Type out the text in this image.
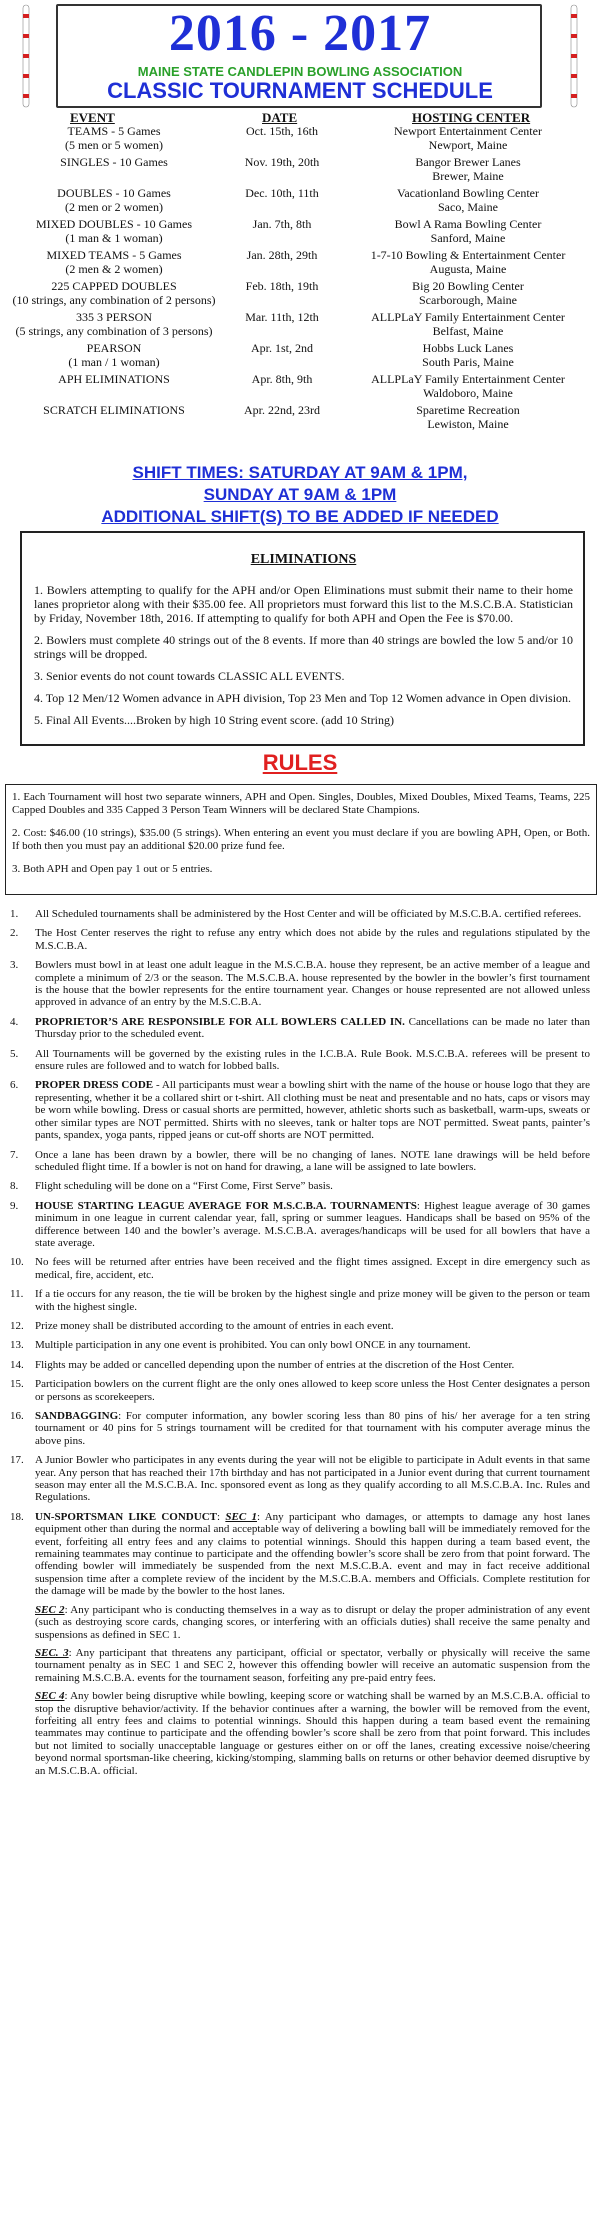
2016 - 2017
MAINE STATE CANDLEPIN BOWLING ASSOCIATION
CLASSIC TOURNAMENT SCHEDULE
EVENT	DATE	HOSTING CENTER
TEAMS - 5 Games
(5 men or 5 women)
Oct. 15th, 16th	Newport Entertainment Center
Newport, Maine
SINGLES - 10 Games	Nov. 19th, 20th	Bangor Brewer Lanes
Brewer, Maine
DOUBLES - 10 Games
(2 men or 2 women)
Dec. 10th, 11th	Vacationland Bowling Center
Saco, Maine
MIXED DOUBLES - 10 Games
(1 man & 1 woman)
Jan. 7th, 8th	Bowl A Rama Bowling Center
Sanford, Maine
MIXED TEAMS - 5 Games
(2 men & 2 women)
Jan. 28th, 29th	1-7-10 Bowling & Entertainment Center
Augusta, Maine
225 CAPPED DOUBLES
(10 strings, any combination of 2 persons)
Feb. 18th, 19th	Big 20 Bowling Center
Scarborough, Maine
335 3 PERSON
(5 strings, any combination of 3 persons)
Mar. 11th, 12th	ALLPLaY Family Entertainment Center
Belfast, Maine
PEARSON
(1 man / 1 woman)
Apr. 1st, 2nd	Hobbs Luck Lanes
South Paris, Maine
APH ELIMINATIONS	Apr. 8th, 9th	ALLPLaY Family Entertainment Center
Waldoboro, Maine
SCRATCH ELIMINATIONS	Apr. 22nd, 23rd	Sparetime Recreation
Lewiston, Maine
SHIFT TIMES: SATURDAY AT 9AM & 1PM,
SUNDAY AT 9AM & 1PM
ADDITIONAL SHIFT(S) TO BE ADDED IF NEEDED
ELIMINATIONS

1. Bowlers attempting to qualify for the APH and/or Open Eliminations must submit their name to their home lanes proprietor along with their $35.00 fee. All proprietors must forward this list to the M.S.C.B.A. Statistician by Friday, November 18th, 2016. If attempting to qualify for both APH and Open the Fee is $70.00.

2. Bowlers must complete 40 strings out of the 8 events. If more than 40 strings are bowled the low 5 and/or 10 strings will be dropped.

3. Senior events do not count towards CLASSIC ALL EVENTS.

4. Top 12 Men/12 Women advance in APH division, Top 23 Men and Top 12 Women advance in Open division.

5. Final All Events....Broken by high 10 String event score. (add 10 String)

RULES

1. Each Tournament will host two separate winners, APH and Open. Singles, Doubles, Mixed Doubles, Mixed Teams, Teams, 225 Capped Doubles and 335 Capped 3 Person Team Winners will be declared State Champions.

2. Cost: $46.00 (10 strings), $35.00 (5 strings). When entering an event you must declare if you are bowling APH, Open, or Both. If both then you must pay an additional $20.00 prize fund fee.

3. Both APH and Open pay 1 out or 5 entries.

1. All Scheduled tournaments shall be administered by the Host Center and will be officiated by M.S.C.B.A. certified referees.
2. The Host Center reserves the right to refuse any entry which does not abide by the rules and regulations stipulated by the M.S.C.B.A.
3. Bowlers must bowl in at least one adult league in the M.S.C.B.A. house they represent, be an active member of a league and complete a minimum of 2/3 or the season. The M.S.C.B.A. house represented by the bowler in the bowler’s first tournament is the house that the bowler represents for the entire tournament year. Changes or house represented are not allowed unless approved in advance of an entry by the M.S.C.B.A.
4. PROPRIETOR’S ARE RESPONSIBLE FOR ALL BOWLERS CALLED IN. Cancellations can be made no later than Thursday prior to the scheduled event.
5. All Tournaments will be governed by the existing rules in the I.C.B.A. Rule Book. M.S.C.B.A. referees will be present to ensure rules are followed and to watch for lobbed balls.
6. PROPER DRESS CODE - All participants must wear a bowling shirt with the name of the house or house logo that they are representing, whether it be a collared shirt or t-shirt. All clothing must be neat and presentable and no hats, caps or visors may be worn while bowling. Dress or casual shorts are permitted, however, athletic shorts such as basketball, warm-ups, sweats or other similar types are NOT permitted. Shirts with no sleeves, tank or halter tops are NOT permitted. Sweat pants, painter’s pants, spandex, yoga pants, ripped jeans or cut-off shorts are NOT permitted.
7. Once a lane has been drawn by a bowler, there will be no changing of lanes. NOTE lane drawings will be held before scheduled flight time. If a bowler is not on hand for drawing, a lane will be assigned to late bowlers.
8. Flight scheduling will be done on a “First Come, First Serve” basis.
9. HOUSE STARTING LEAGUE AVERAGE FOR M.S.C.B.A. TOURNAMENTS: Highest league average of 30 games minimum in one league in current calendar year, fall, spring or summer leagues. Handicaps shall be based on 95% of the difference between 140 and the bowler’s average. M.S.C.B.A. averages/handicaps will be used for all bowlers that have a state average.
10. No fees will be returned after entries have been received and the flight times assigned. Except in dire emergency such as medical, fire, accident, etc.
11. If a tie occurs for any reason, the tie will be broken by the highest single and prize money will be given to the person or team with the highest single.
12. Prize money shall be distributed according to the amount of entries in each event.
13. Multiple participation in any one event is prohibited. You can only bowl ONCE in any tournament.
14. Flights may be added or cancelled depending upon the number of entries at the discretion of the Host Center.
15. Participation bowlers on the current flight are the only ones allowed to keep score unless the Host Center designates a person or persons as scorekeepers.
16. SANDBAGGING: For computer information, any bowler scoring less than 80 pins of his/ her average for a ten string tournament or 40 pins for 5 strings tournament will be credited for that tournament with his computer average minus the above pins.
17. A Junior Bowler who participates in any events during the year will not be eligible to participate in Adult events in that same year. Any person that has reached their 17th birthday and has not participated in a Junior event during that current tournament season may enter all the M.S.C.B.A. Inc. sponsored event as long as they qualify according to all M.S.C.B.A. Inc. Rules and Regulations.
18. UN-SPORTSMAN LIKE CONDUCT: SEC 1: Any participant who damages, or attempts to damage any host lanes equipment other than during the normal and acceptable way of delivering a bowling ball will be immediately removed for the event, forfeiting all entry fees and any claims to potential winnings. Should this happen during a team based event, the remaining teammates may continue to participate and the offending bowler’s score shall be zero from that point forward. The offending bowler will immediately be suspended from the next M.S.C.B.A. event and may in fact receive additional suspension time after a complete review of the incident by the M.S.C.B.A. members and Officials. Complete restitution for the damage will be made by the bowler to the host lanes.

SEC 2: Any participant who is conducting themselves in a way as to disrupt or delay the proper administration of any event (such as destroying score cards, changing scores, or interfering with an officials duties) shall receive the same penalty and suspensions as defined in SEC 1.

SEC. 3: Any participant that threatens any participant, official or spectator, verbally or physically will receive the same tournament penalty as in SEC 1 and SEC 2, however this offending bowler will receive an automatic suspension from the remaining M.S.C.B.A. events for the tournament season, forfeiting any pre-paid entry fees.

SEC 4: Any bowler being disruptive while bowling, keeping score or watching shall be warned by an M.S.C.B.A. official to stop the disruptive behavior/activity. If the behavior continues after a warning, the bowler will be removed from the event, forfeiting all entry fees and claims to potential winnings. Should this happen during a team based event the remaining teammates may continue to participate and the offending bowler’s score shall be zero from that point forward. This includes but not limited to socially unacceptable language or gestures either on or off the lanes, creating excessive noise/cheering beyond normal sportsman-like cheering, kicking/stomping, slamming balls on returns or other behavior deemed disruptive by an M.S.C.B.A. official.
